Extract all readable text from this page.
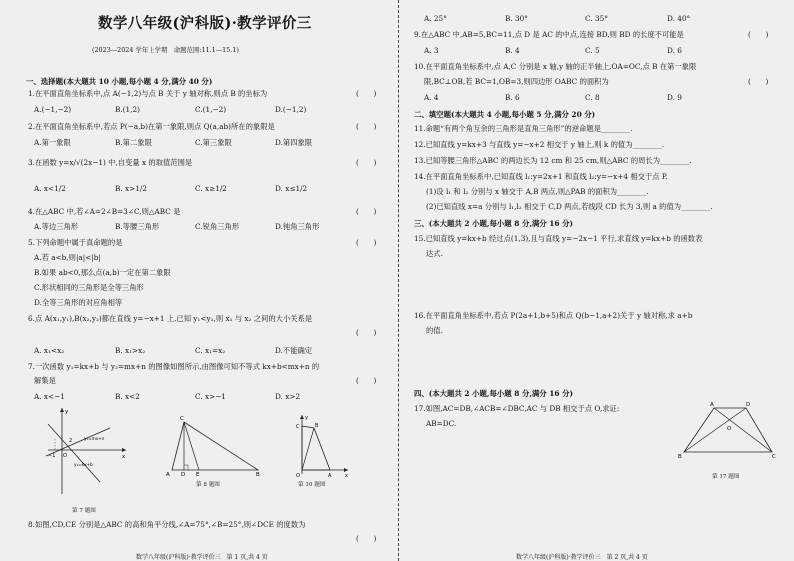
数学八年级(沪科版)·教学评价三
(2023—2024 学年上学期　命题范围:11.1—15.1)
一、选择题(本大题共 10 小题,每小题 4 分,满分 40 分)
1.在平面直角坐标系中,点 A(−1,2)与点 B 关于 y 轴对称,则点 B 的坐标为	(　　)
A.(−1,−2)	B.(1,2)	C.(1,−2)	D.(−1,2)
2.在平面直角坐标系中,若点 P(−a,b)在第一象限,则点 Q(a,ab)所在的象限是	(　　)
A.第一象限	B.第二象限	C.第三象限	D.第四象限
3.在函数 y=x/√(2x−1) 中,自变量 x 的取值范围是	(　　)
A. x<1/2	B. x>1/2	C. x≥1/2	D. x≤1/2
4.在△ABC 中,若∠A=2∠B=3∠C,则△ABC 是	(　　)
A.等边三角形	B.等腰三角形	C.锐角三角形	D.钝角三角形
5.下列命题中属于真命题的是	(　　)
A.若 a<b,则|a|<|b|
B.如果 ab<0,那么点(a,b)一定在第二象限
C.形状相同的三角形是全等三角形
D.全等三角形的对应角相等
6.点 A(x₁,y₁),B(x₂,y₂)都在直线 y=−x+1 上,已知 y₁<y₂,则 x₁ 与 x₂ 之间的大小关系是
(　　)
A. x₁<x₂	B. x₁>x₂	C. x₁=x₂	D.不能确定
7.一次函数 y₁=kx+b 与 y₂=mx+n 的图像如图所示,由图像可知不等式 kx+b<mx+n 的
解集是	(　　)
A. x<−1	B. x<2	C. x>−1	D. x>2
y
x
O
−1
2	y₂=mx+n
y₁=kx+b
第 7 题图
C
A D E	B
第 8 题图
y
x
C	B
A
O
第 10 题图
8.如图,CD,CE 分别是△ABC 的高和角平分线,∠A=75°,∠B=25°,则∠DCE 的度数为
(　　)
数学八年级(沪科版)·教学评价三　第 1 页,共 4 页
A. 25°	B. 30°	C. 35°	D. 40°
9.在△ABC 中,AB=5,BC=11,点 D 是 AC 的中点,连接 BD,则 BD 的长度不可能是	(　　)
A. 3	B. 4	C. 5	D. 6
10.在平面直角坐标系中,点 A,C 分别是 x 轴,y 轴的正半轴上,OA=OC,点 B 在第一象限
限,BC⊥OB,若 BC=1,OB=3,则四边形 OABC 的面积为	(　　)
A. 4	B. 6	C. 8	D. 9
二、填空题(本大题共 4 小题,每小题 5 分,满分 20 分)
11.命题“有两个角互余的三角形是直角三角形”的逆命题是________.
12.已知直线 y=kx+3 与直线 y=−x+2 相交于 y 轴上,则 k 的值为________.
13.已知等腰三角形△ABC 的两边长为 12 cm 和 25 cm,则△ABC 的周长为________.
14.在平面直角坐标系中,已知直线 l₁:y=2x+1 和直线 l₂:y=−x+4 相交于点 P.
(1)设 l₁ 和 l₂ 分别与 x 轴交于 A,B 两点,则△PAB 的面积为________.
(2)已知直线 x=a 分别与 l₁,l₂ 相交于 C,D 两点,若线段 CD 长为 3,则 a 的值为________.
三、(本大题共 2 小题,每小题 8 分,满分 16 分)
15.已知直线 y=kx+b 经过点(1,3),且与直线 y=−2x−1 平行,求直线 y=kx+b 的函数表
达式.
16.在平面直角坐标系中,若点 P(2a+1,b+5)和点 Q(b−1,a+2)关于 y 轴对称,求 a+b
的值.
四、(本大题共 2 小题,每小题 8 分,满分 16 分)
17.如图,AC=DB,∠ACB=∠DBC,AC 与 DB 相交于点 O,求证:
AB=DC.
A	D
O
B	C
第 17 题图
数学八年级(沪科版)·教学评价三　第 2 页,共 4 页
